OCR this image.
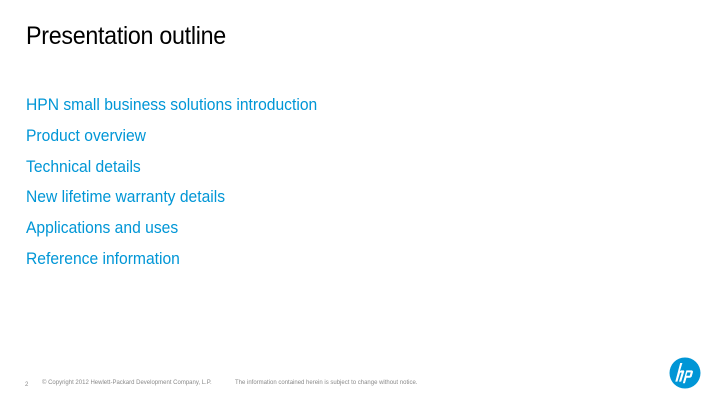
Presentation outline
HPN small business solutions introduction
Product overview
Technical details
New lifetime warranty details
Applications and uses
Reference information
2 © Copyright 2012 Hewlett-Packard Development Company, L.P.	The information contained herein is subject to change without notice.
